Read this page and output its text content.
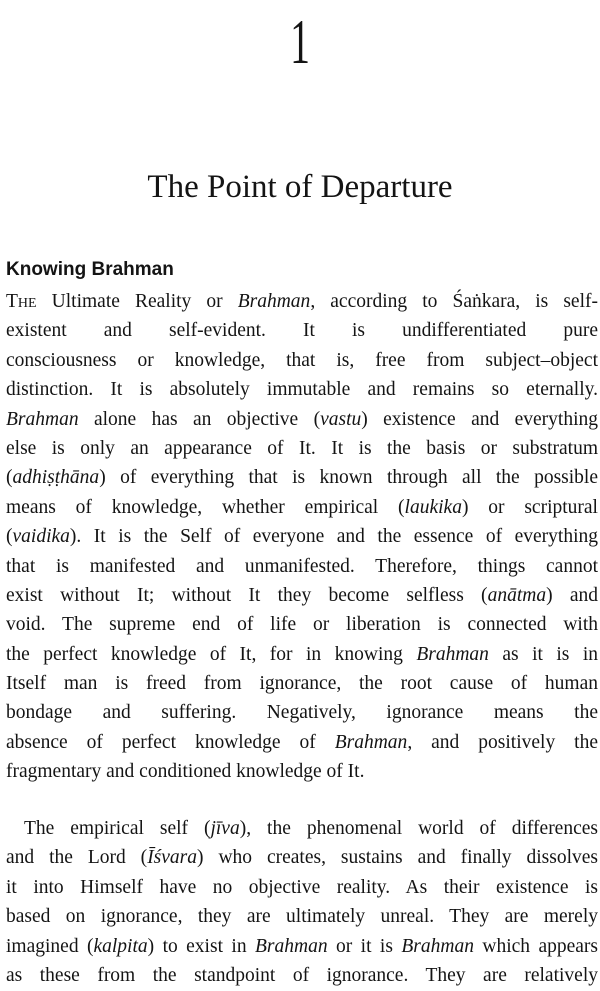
1
The Point of Departure
Knowing Brahman
The Ultimate Reality or Brahman, according to Śaṅkara, is self-
existent and self-evident. It is undifferentiated pure
consciousness or knowledge, that is, free from subject–object
distinction. It is absolutely immutable and remains so eternally.
Brahman alone has an objective (vastu) existence and everything
else is only an appearance of It. It is the basis or substratum
(adhiṣṭhāna) of everything that is known through all the possible
means of knowledge, whether empirical (laukika) or scriptural
(vaidika). It is the Self of everyone and the essence of everything
that is manifested and unmanifested. Therefore, things cannot
exist without It; without It they become selfless (anātma) and
void. The supreme end of life or liberation is connected with
the perfect knowledge of It, for in knowing Brahman as it is in
Itself man is freed from ignorance, the root cause of human
bondage and suffering. Negatively, ignorance means the
absence of perfect knowledge of Brahman, and positively the
fragmentary and conditioned knowledge of It.
The empirical self (jīva), the phenomenal world of differences
and the Lord (Īśvara) who creates, sustains and finally dissolves
it into Himself have no objective reality. As their existence is
based on ignorance, they are ultimately unreal. They are merely
imagined (kalpita) to exist in Brahman or it is Brahman which appears
as these from the standpoint of ignorance. They are relatively
